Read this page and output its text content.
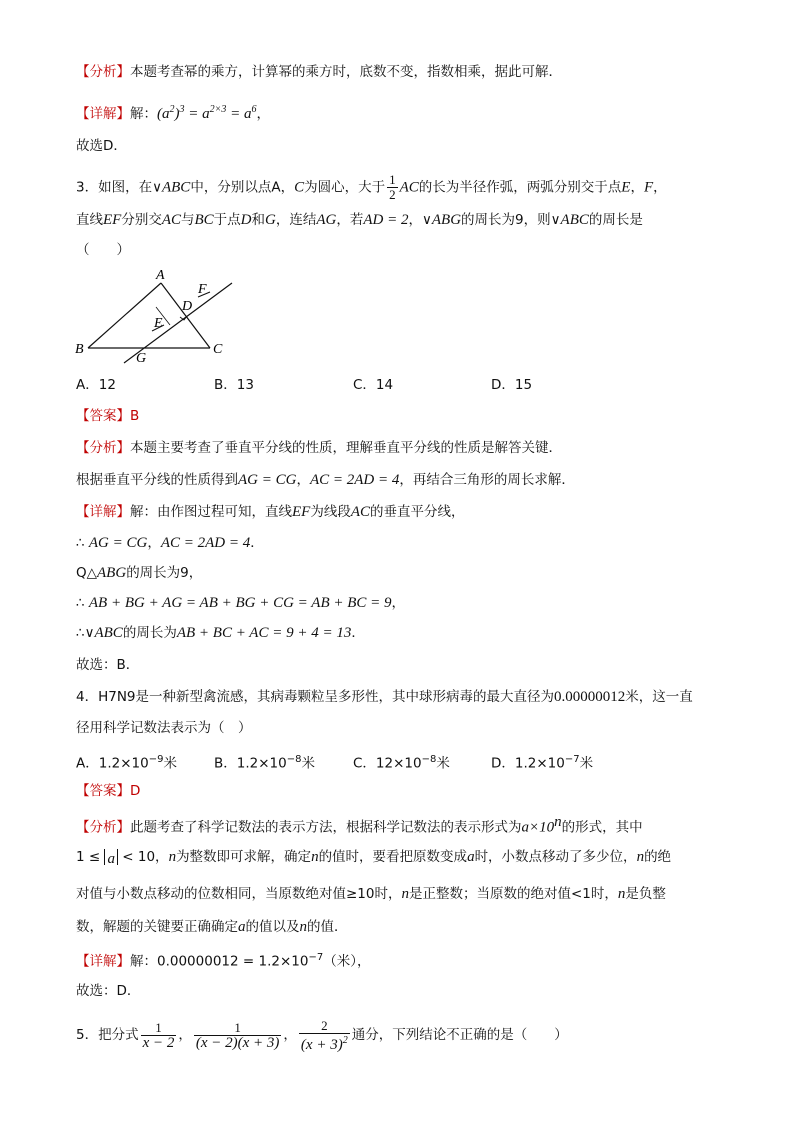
【分析】本题考查幂的乘方，计算幂的乘方时，底数不变，指数相乘，据此可解．
【详解】解：$(a^2)^3 = a^{2\times 3} = a^6$，
故选D．
3．如图，在∨ABC中，分别以点A，C为圆心，大于 $\frac{1}{2}$ AC的长为半径作弧，两弧分别交于点E，F，
直线EF分别交AC与BC于点D和G，连结AG，若AD = 2，∨ABG的周长为9，则∨ABC的周长是
（　　）
A
B	C
D
E
F
G
A．12	B．13	C．14	D．15
【答案】B
【分析】本题主要考查了垂直平分线的性质，理解垂直平分线的性质是解答关键．
根据垂直平分线的性质得到AG = CG，AC = 2AD = 4，再结合三角形的周长求解．
【详解】解：由作图过程可知，直线EF为线段AC的垂直平分线，
∴ AG = CG，AC = 2AD = 4．
Q△ABG的周长为9，
∴ AB + BG + AG = AB + BG + CG = AB + BC = 9，
∴∨ABC的周长为AB + BC + AC = 9 + 4 = 13．
故选：B．
4．H7N9是一种新型禽流感，其病毒颗粒呈多形性，其中球形病毒的最大直径为0.00000012米，这一直
径用科学记数法表示为（　）
A．$1.2\times 10^{-9}$米	B．$1.2\times 10^{-8}$米	C．$12\times 10^{-8}$米	D．$1.2\times 10^{-7}$米
【答案】D
【分析】此题考查了科学记数法的表示方法，根据科学记数法的表示形式为$a\times 10^n$的形式，其中
1 ≤ a < 10，n为整数即可求解，确定n的值时，要看把原数变成a时，小数点移动了多少位，n的绝
对值与小数点移动的位数相同，当原数绝对值≥10时，n是正整数；当原数的绝对值<1时，n是负整
数，解题的关键要正确确定a的值以及n的值．
【详解】解：$0.00000012 = 1.2\times 10^{-7}$（米），
故选：D．
5．把分式 $\frac{1}{x - 2}$ ， $\frac{1}{(x - 2)(x + 3)}$ ， $\frac{2}{(x + 3)^2}$ 通分，下列结论不正确的是（　　）
